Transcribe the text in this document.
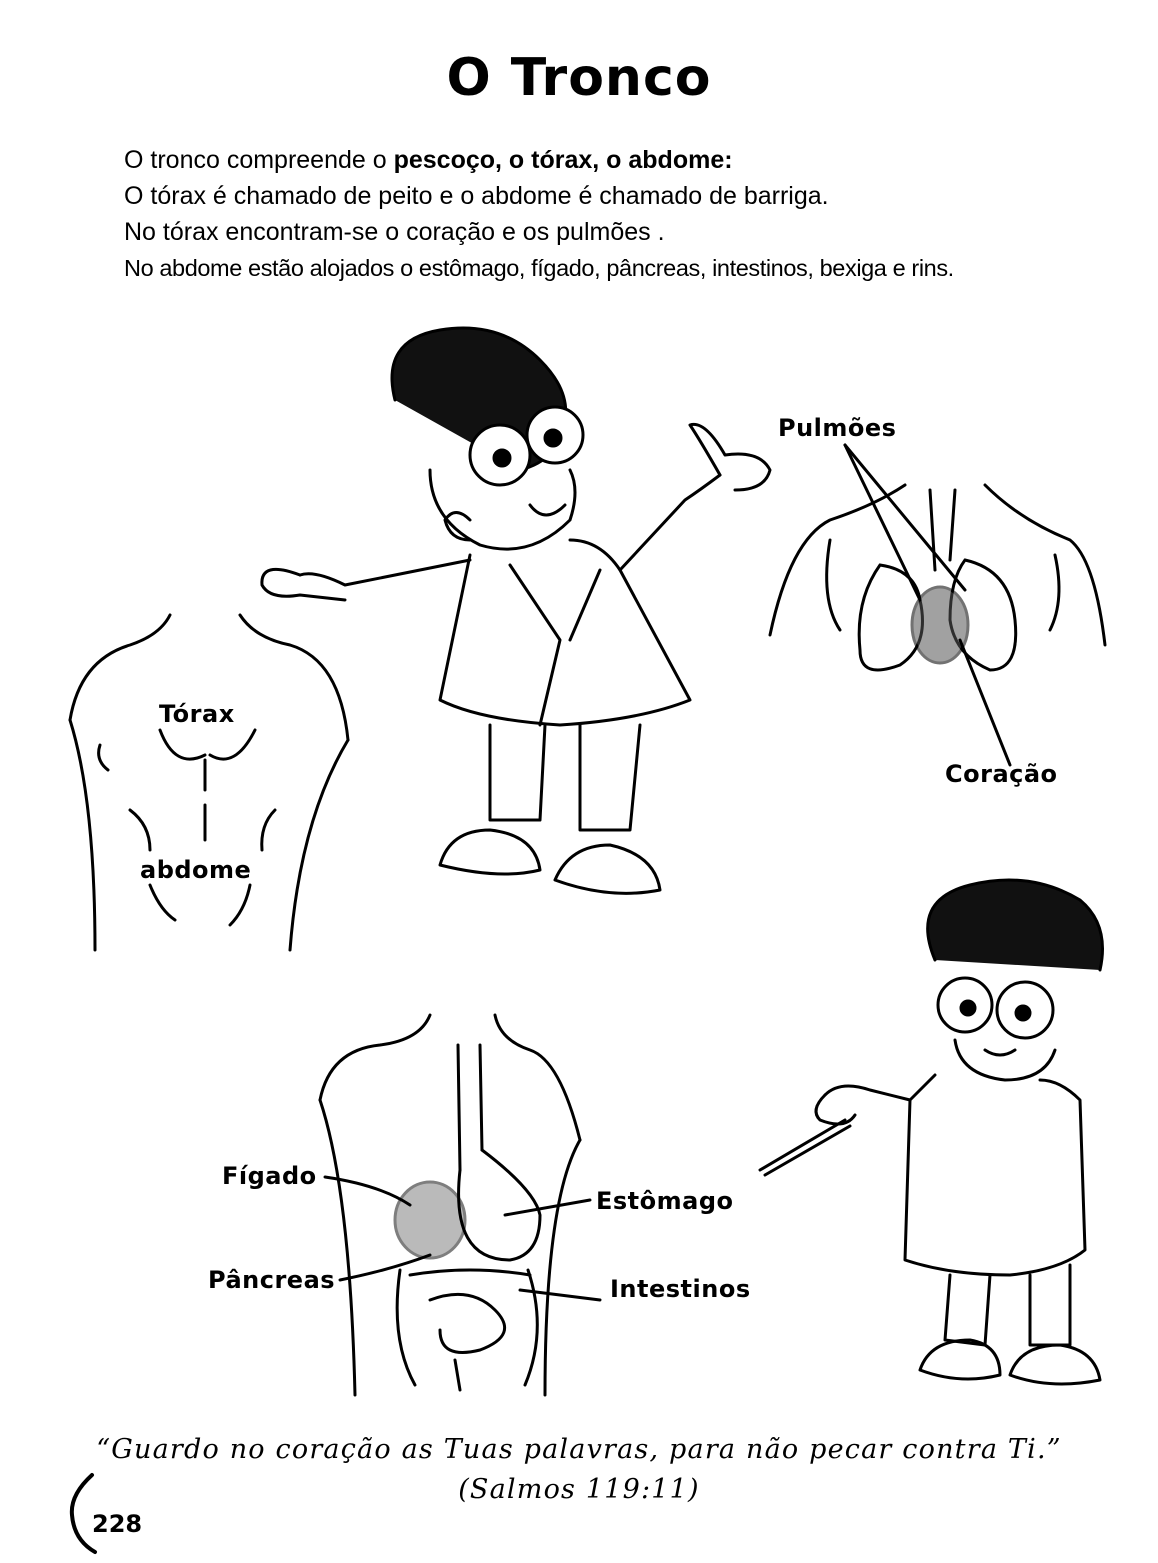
O Tronco

O tronco compreende o pescoço, o tórax, o abdome:

O tórax é chamado de peito e o abdome é chamado de barriga.

No tórax encontram-se o coração e os pulmões .

No abdome estão alojados o estômago, fígado, pâncreas, intestinos, bexiga e rins.

Tórax
abdome
Pulmões
Coração
Fígado
Estômago
Pâncreas	Intestinos
“Guardo no coração as Tuas palavras, para não pecar contra Ti.”
(Salmos 119:11)
228
